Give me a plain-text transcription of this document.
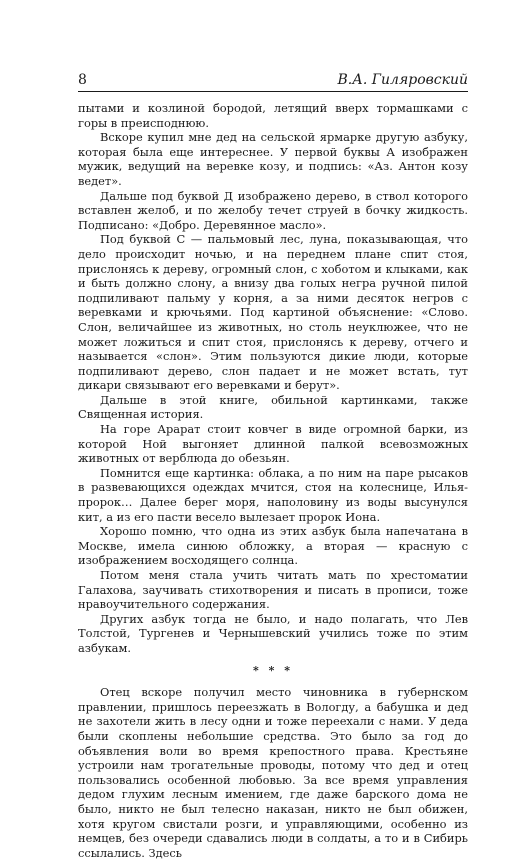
8	В.А. Гиляровский

пытами и козлиной бородой, летящий вверх тормашками с горы в преисподнюю.

Вскоре купил мне дед на сельской ярмарке другую азбуку, которая была еще интереснее. У первой буквы А изображен мужик, ведущий на веревке козу, и подпись: «Аз. Антон козу ведет».

Дальше под буквой Д изображено дерево, в ствол которого вставлен желоб, и по желобу течет струей в бочку жидкость. Подписано: «Добро. Деревянное масло».

Под буквой С — пальмовый лес, луна, показывающая, что дело происходит ночью, и на переднем плане спит стоя, прислонясь к дереву, огромный слон, с хоботом и клыками, как и быть должно слону, а внизу два голых негра ручной пилой подпиливают пальму у корня, а за ними десяток негров с веревками и крючьями. Под картиной объяснение: «Слово. Слон, величайшее из животных, но столь неуклюжее, что не может ложиться и спит стоя, прислонясь к дереву, отчего и называется «слон». Этим пользуются дикие люди, которые подпиливают дерево, слон падает и не может встать, тут дикари связывают его веревками и берут».

Дальше в этой книге, обильной картинками, также Священная история.

На горе Арарат стоит ковчег в виде огромной барки, из которой Ной выгоняет длинной палкой всевозможных животных от верблюда до обезьян.

Помнится еще картинка: облака, а по ним на паре рысаков в развевающихся одеждах мчится, стоя на колеснице, Илья-пророк… Далее берег моря, наполовину из воды высунулся кит, а из его пасти весело вылезает пророк Иона.

Хорошо помню, что одна из этих азбук была напечатана в Москве, имела синюю обложку, а вторая — красную с изображением восходящего солнца.

Потом меня стала учить читать мать по хрестоматии Галахова, заучивать стихотворения и писать в прописи, тоже нравоучительного содержания.

Других азбук тогда не было, и надо полагать, что Лев Толстой, Тургенев и Чернышевский учились тоже по этим азбукам.

* * *

Отец вскоре получил место чиновника в губернском правлении, пришлось переезжать в Вологду, а бабушка и дед не захотели жить в лесу одни и тоже переехали с нами. У деда были скоплены небольшие средства. Это было за год до объявления воли во время крепостного права. Крестьяне устроили нам трогательные проводы, потому что дед и отец пользовались особенной любовью. За все время управления дедом глухим лесным имением, где даже барского дома не было, никто не был телесно наказан, никто не был обижен, хотя кругом свистали розги, и управляющими, особенно из немцев, без очереди сдавались люди в солдаты, а то и в Сибирь ссылались. Здесь
